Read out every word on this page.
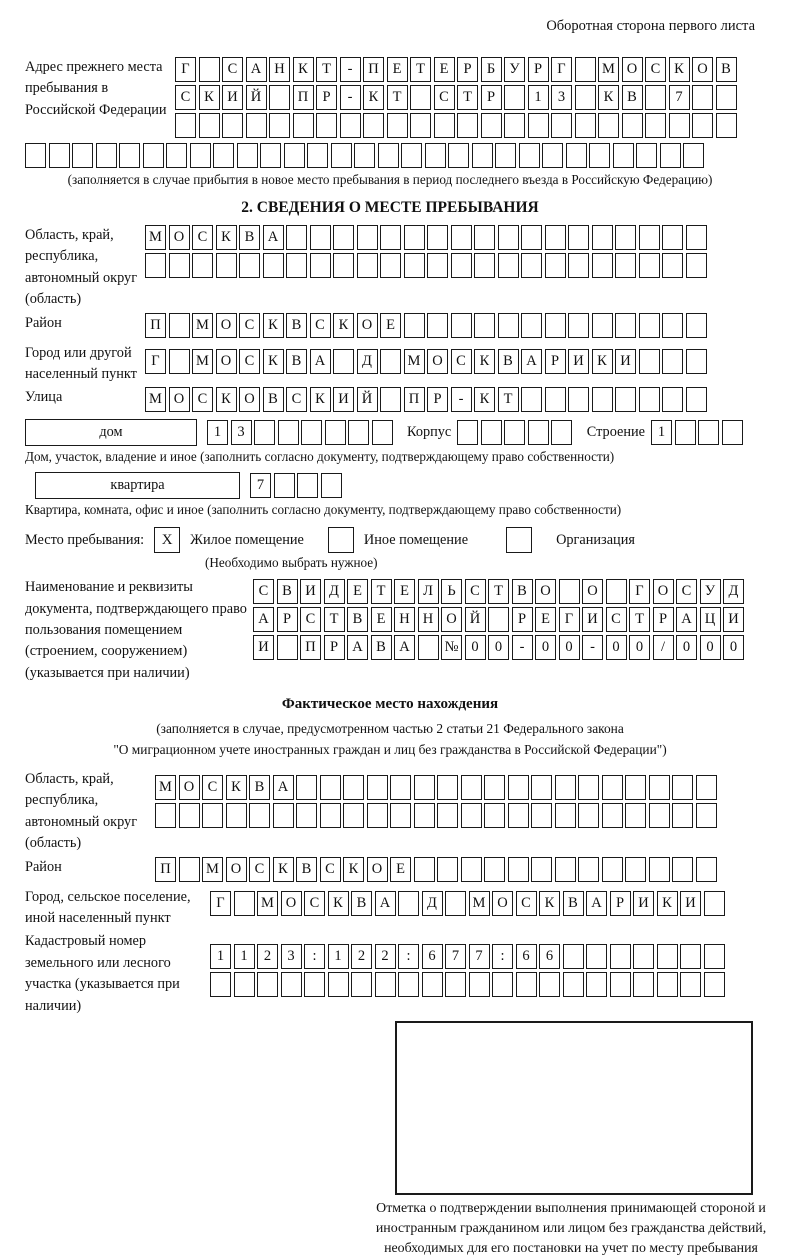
Оборотная сторона первого листа
Адрес прежнего места пребывания в Российской Федерации
Г	С А Н К Т	-	П Е	Т	Е	Р	Б У Р	Г	М О С К О В
С К И Й	П Р	-	К Т	С Т	Р	1	3	К В	7
(заполняется в случае прибытия в новое место пребывания в период последнего въезда в Российскую Федерацию)
2. СВЕДЕНИЯ О МЕСТЕ ПРЕБЫВАНИЯ
Область, край, республика, автономный округ (область)
М О С К В А
Район	П	М О С К В С К О Е
Город или другой населенный пункт
Г	М О С К В А	Д	М О С К В А Р И К И
Улица	М О С К О В С К И Й	П Р	-	К Т
дом	1	3	Корпус	Строение 1
Дом, участок, владение и иное (заполнить согласно документу, подтверждающему право собственности)
квартира	7
Квартира, комната, офис и иное (заполнить согласно документу, подтверждающему право собственности)
Место пребывания:	X	Жилое помещение	Иное помещение	Организация
(Необходимо выбрать нужное)
Наименование и реквизиты документа, подтверждающего право пользования помещением (строением, сооружением) (указывается при наличии)
С В И Д Е	Т	Е Л Ь	С Т В О	О	Г О С У Д
А Р	С Т В Е Н Н О Й	Р	Е	Г И С Т	Р А Ц И
И	П Р А В А	№ 0	0	-	0	0	-	0	0	/	0	0	0
Фактическое место нахождения
(заполняется в случае, предусмотренном частью 2 статьи 21 Федерального закона
"О миграционном учете иностранных граждан и лиц без гражданства в Российской Федерации")
Область, край, республика, автономный округ (область)
М О С К В А
Район	П	М О С К В С К О Е
Город, сельское поселение, иной населенный пункт
Г	М О С К В А	Д	М О С К В А Р И К И
Кадастровый номер земельного или лесного участка (указывается при наличии)
1	1	2	3	:	1	2	2	:	6	7	7	:	6	6
Отметка о подтверждении выполнения принимающей стороной и иностранным гражданином или лицом без гражданства действий, необходимых для его постановки на учет по месту пребывания
